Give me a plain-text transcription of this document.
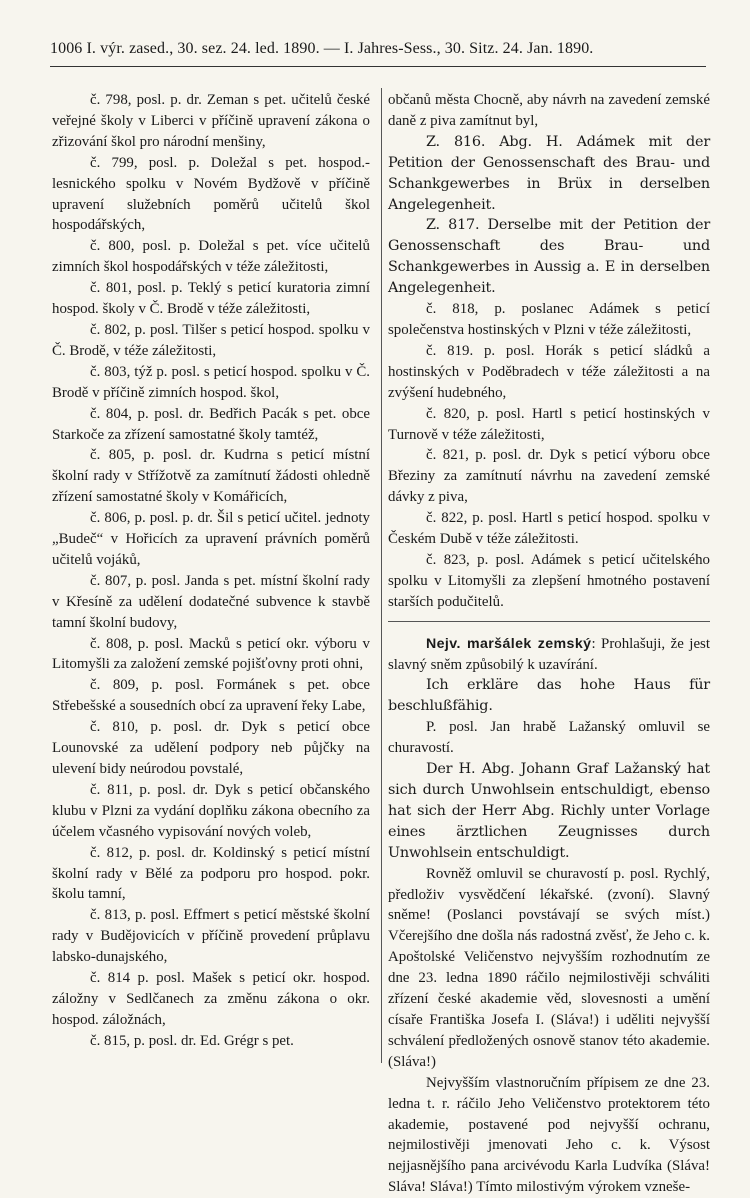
1006 I. výr. zased., 30. sez. 24. led. 1890. — I. Jahres-Sess., 30. Sitz. 24. Jan. 1890.

č. 798, posl. p. dr. Zeman s pet. učitelů české veřejné školy v Liberci v příčině upravení zákona o zřizování škol pro národní menšiny,

č. 799, posl. p. Doležal s pet. hospod.-lesnického spolku v Novém Bydžově v příčině upravení služebních poměrů učitelů škol hospodářských,

č. 800, posl. p. Doležal s pet. více učitelů zimních škol hospodářských v téže záležitosti,

č. 801, posl. p. Teklý s peticí kuratoria zimní hospod. školy v Č. Brodě v téže záležitosti,

č. 802, p. posl. Tilšer s peticí hospod. spolku v Č. Brodě, v téže záležitosti,

č. 803, týž p. posl. s peticí hospod. spolku v Č. Brodě v příčině zimních hospod. škol,

č. 804, p. posl. dr. Bedřich Pacák s pet. obce Starkoče za zřízení samostatné školy tamtéž,

č. 805, p. posl. dr. Kudrna s peticí místní školní rady v Střížotvě za zamítnutí žádosti ohledně zřízení samostatné školy v Komářicích,

č. 806, p. posl. p. dr. Šil s peticí učitel. jednoty „Budeč“ v Hořicích za upravení právních poměrů učitelů vojáků,

č. 807, p. posl. Janda s pet. místní školní rady v Křesíně za udělení dodatečné subvence k stavbě tamní školní budovy,

č. 808, p. posl. Macků s peticí okr. výboru v Litomyšli za založení zemské pojišťovny proti ohni,

č. 809, p. posl. Formánek s pet. obce Střebešské a sousedních obcí za upravení řeky Labe,

č. 810, p. posl. dr. Dyk s peticí obce Lounovské za udělení podpory neb půjčky na ulevení bidy neúrodou povstalé,

č. 811, p. posl. dr. Dyk s peticí občanského klubu v Plzni za vydání doplňku zákona obecního za účelem včasného vypisování nových voleb,

č. 812, p. posl. dr. Koldinský s peticí místní školní rady v Bělé za podporu pro hospod. pokr. školu tamní,

č. 813, p. posl. Effmert s peticí městské školní rady v Budějovicích v příčině provedení průplavu labsko-dunajského,

č. 814 p. posl. Mašek s peticí okr. hospod. záložny v Sedlčanech za změnu zákona o okr. hospod. záložnách,

č. 815, p. posl. dr. Ed. Grégr s pet.

občanů města Chocně, aby návrh na zavedení zemské daně z piva zamítnut byl,

Z. 816. Abg. H. Adámek mit der Petition der Genossenschaft des Brau- und Schankgewerbes in Brüx in derselben Angelegenheit.

Z. 817. Derselbe mit der Petition der Genossenschaft des Brau- und Schankgewerbes in Aussig a. E in derselben Angelegenheit.

č. 818, p. poslanec Adámek s peticí společenstva hostinských v Plzni v téže záležitosti,

č. 819. p. posl. Horák s peticí sládků a hostinských v Poděbradech v téže záležitosti a na zvýšení hudebného,

č. 820, p. posl. Hartl s peticí hostinských v Turnově v téže záležitosti,

č. 821, p. posl. dr. Dyk s peticí výboru obce Březiny za zamítnutí návrhu na zavedení zemské dávky z piva,

č. 822, p. posl. Hartl s peticí hospod. spolku v Českém Dubě v téže záležitosti.

č. 823, p. posl. Adámek s peticí učitelského spolku v Litomyšli za zlepšení hmotného postavení starších podučitelů.

Nejv. maršálek zemský: Prohlašuji, že jest slavný sněm způsobilý k uzavírání.

Ich erkläre das hohe Haus für beschlußfähig.

P. posl. Jan hrabě Lažanský omluvil se churavostí.

Der H. Abg. Johann Graf Lažanský hat sich durch Unwohlsein entschuldigt, ebenso hat sich der Herr Abg. Richly unter Vorlage eines ärztlichen Zeugnisses durch Unwohlsein entschuldigt.

Rovněž omluvil se churavostí p. posl. Rychlý, předloživ vysvědčení lékařské. (zvoní). Slavný sněme! (Poslanci povstávají se svých míst.) Včerejšího dne došla nás radostná zvěsť, že Jeho c. k. Apoštolské Veličenstvo nejvyšším rozhodnutím ze dne 23. ledna 1890 ráčilo nejmilostivěji schváliti zřízení české akademie věd, slovesnosti a umění císaře Františka Josefa I. (Sláva!) i uděliti nejvyšší schválení předložených osnově stanov této akademie. (Sláva!)

Nejvyšším vlastnoručním přípisem ze dne 23. ledna t. r. ráčilo Jeho Veličenstvo protektorem této akademie, postavené pod nejvyšší ochranu, nejmilostivěji jmenovati Jeho c. k. Výsost nejjasnějšího pana arcivévodu Karla Ludvíka (Sláva! Sláva! Sláva!) Tímto milostivým výrokem vzneše-
